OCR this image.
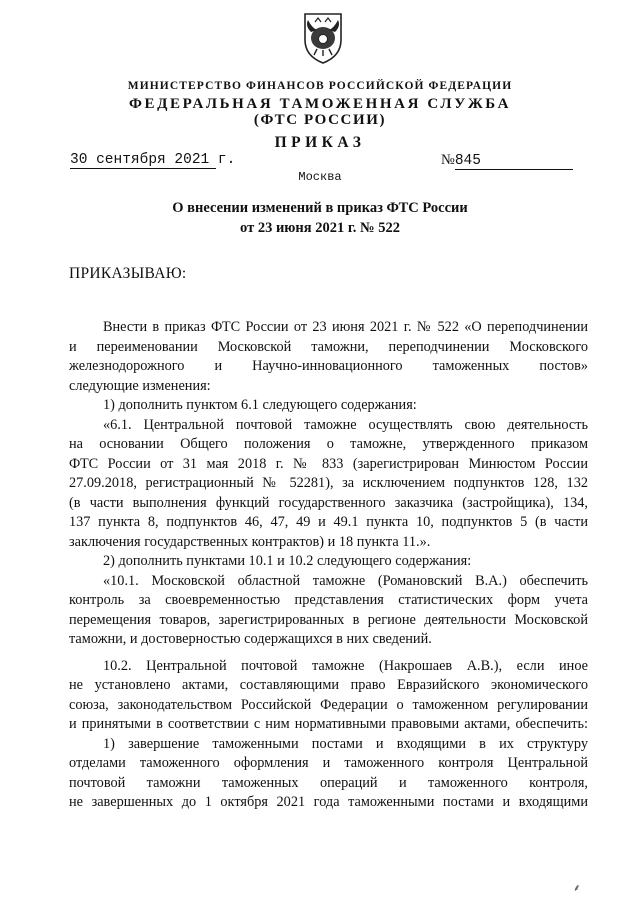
МИНИСТЕРСТВО ФИНАНСОВ РОССИЙСКОЙ ФЕДЕРАЦИИ
ФЕДЕРАЛЬНАЯ ТАМОЖЕННАЯ СЛУЖБА
(ФТС РОССИИ)
ПРИКАЗ
30 сентября 2021 г.	№845
Москва
О внесении изменений в приказ ФТС России
от 23 июня 2021 г. № 522
ПРИКАЗЫВАЮ:
Внести в приказ ФТС России от 23 июня 2021 г. № 522 «О переподчинении
и переименовании Московской таможни, переподчинении Московского
железнодорожного и Научно-инновационного таможенных постов»
следующие изменения:
1) дополнить пунктом 6.1 следующего содержания:
«6.1. Центральной почтовой таможне осуществлять свою деятельность
на основании Общего положения о таможне, утвержденного приказом
ФТС России от 31 мая 2018 г. № 833 (зарегистрирован Минюстом России
27.09.2018, регистрационный № 52281), за исключением подпунктов 128, 132
(в части выполнения функций государственного заказчика (застройщика), 134,
137 пункта 8, подпунктов 46, 47, 49 и 49.1 пункта 10, подпунктов 5 (в части
заключения государственных контрактов) и 18 пункта 11.».
2) дополнить пунктами 10.1 и 10.2 следующего содержания:
«10.1. Московской областной таможне (Романовский В.А.) обеспечить
контроль за своевременностью представления статистических форм учета
перемещения товаров, зарегистрированных в регионе деятельности Московской
таможни, и достоверностью содержащихся в них сведений.
10.2. Центральной почтовой таможне (Накрошаев А.В.), если иное
не установлено актами, составляющими право Евразийского экономического
союза, законодательством Российской Федерации о таможенном регулировании
и принятыми в соответствии с ним нормативными правовыми актами, обеспечить:
1) завершение таможенными постами и входящими в их структуру
отделами таможенного оформления и таможенного контроля Центральной
почтовой таможни таможенных операций и таможенного контроля,
не завершенных до 1 октября 2021 года таможенными постами и входящими
⸙
